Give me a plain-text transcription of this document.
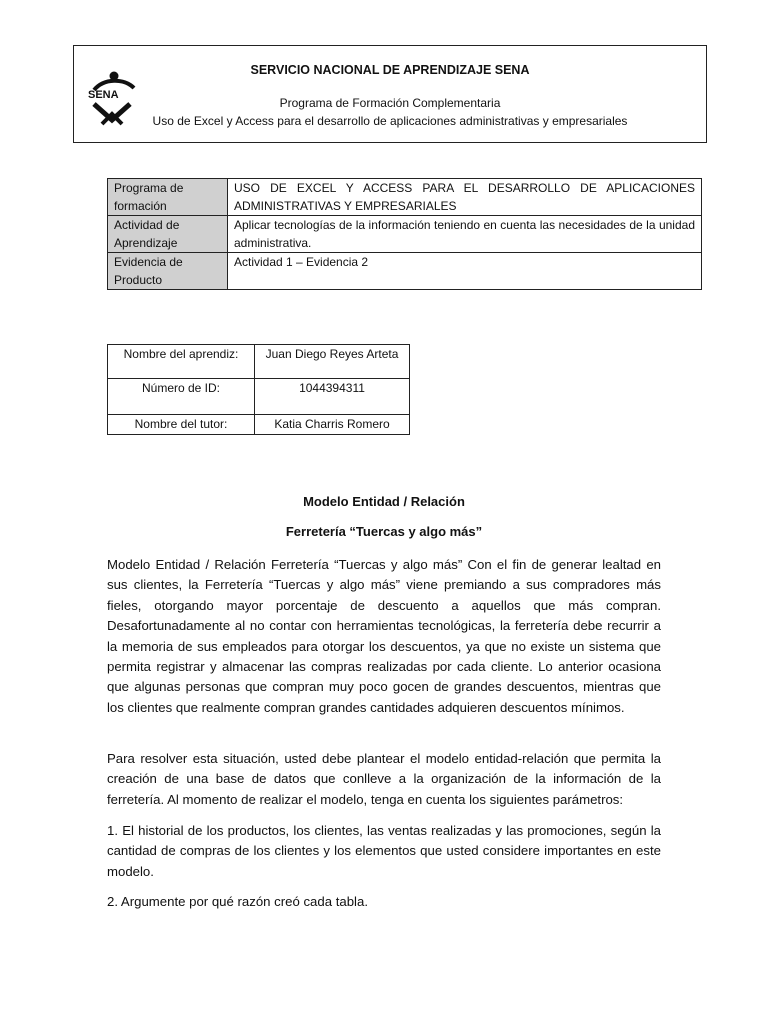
SENA
SERVICIO NACIONAL DE APRENDIZAJE SENA
Programa de Formación Complementaria
Uso de Excel y Access para el desarrollo de aplicaciones administrativas y empresariales
Programa de formación	USO DE EXCEL Y ACCESS PARA EL DESARROLLO DE APLICACIONES ADMINISTRATIVAS Y EMPRESARIALES
Actividad de Aprendizaje	Aplicar tecnologías de la información teniendo en cuenta las necesidades de la unidad administrativa.
Evidencia de Producto	Actividad 1 – Evidencia 2
Nombre del aprendiz:	Juan Diego Reyes Arteta
Número de ID:	1044394311
Nombre del tutor:	Katia Charris Romero
Modelo Entidad / Relación
Ferretería “Tuercas y algo más”

Modelo Entidad / Relación Ferretería “Tuercas y algo más” Con el fin de generar lealtad en sus clientes, la Ferretería “Tuercas y algo más” viene premiando a sus compradores más fieles, otorgando mayor porcentaje de descuento a aquellos que más compran. Desafortunadamente al no contar con herramientas tecnológicas, la ferretería debe recurrir a la memoria de sus empleados para otorgar los descuentos, ya que no existe un sistema que permita registrar y almacenar las compras realizadas por cada cliente. Lo anterior ocasiona que algunas personas que compran muy poco gocen de grandes descuentos, mientras que los clientes que realmente compran grandes cantidades adquieren descuentos mínimos.

Para resolver esta situación, usted debe plantear el modelo entidad-relación que permita la creación de una base de datos que conlleve a la organización de la información de la ferretería. Al momento de realizar el modelo, tenga en cuenta los siguientes parámetros:

1. El historial de los productos, los clientes, las ventas realizadas y las promociones, según la cantidad de compras de los clientes y los elementos que usted considere importantes en este modelo.

2. Argumente por qué razón creó cada tabla.
